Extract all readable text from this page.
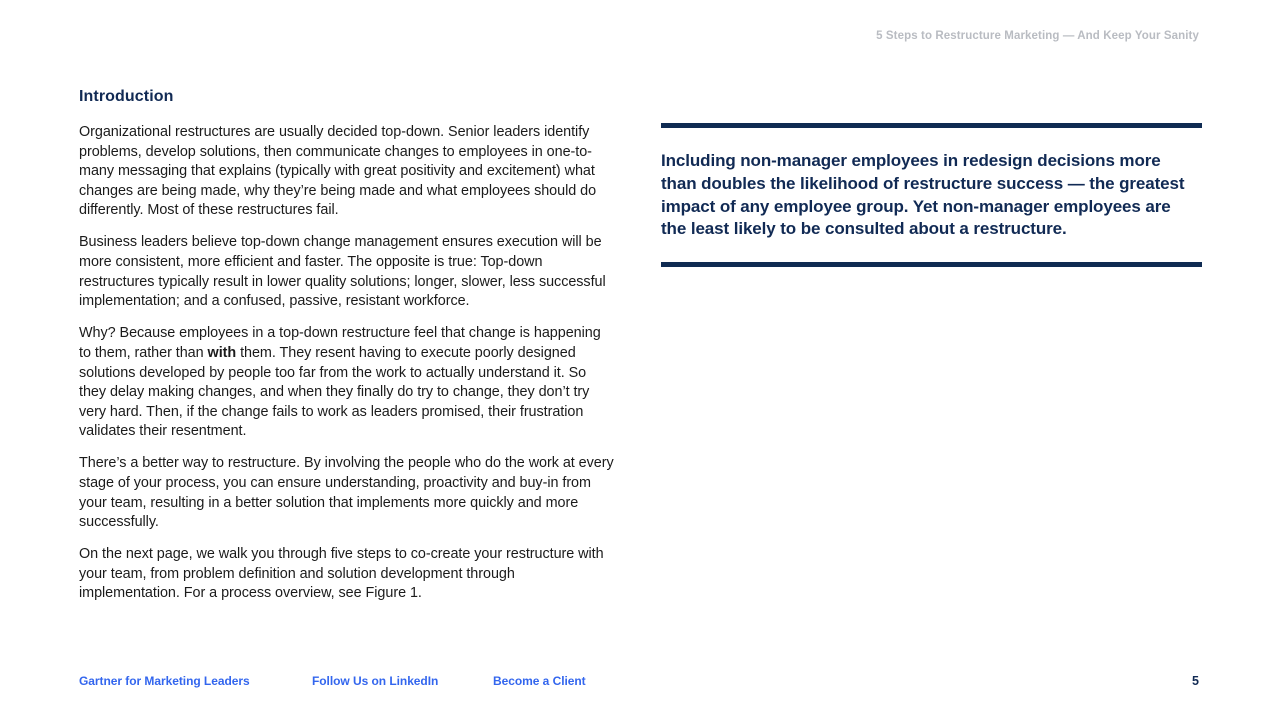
5 Steps to Restructure Marketing — And Keep Your Sanity
Introduction

Organizational restructures are usually decided top-down. Senior leaders identify problems, develop solutions, then communicate changes to employees in one-to-many messaging that explains (typically with great positivity and excitement) what changes are being made, why they’re being made and what employees should do differently. Most of these restructures fail.

Business leaders believe top-down change management ensures execution will be more consistent, more efficient and faster. The opposite is true: Top-down restructures typically result in lower quality solutions; longer, slower, less successful implementation; and a confused, passive, resistant workforce.

Why? Because employees in a top-down restructure feel that change is happening to them, rather than with them. They resent having to execute poorly designed solutions developed by people too far from the work to actually understand it. So they delay making changes, and when they finally do try to change, they don’t try very hard. Then, if the change fails to work as leaders promised, their frustration validates their resentment.

There’s a better way to restructure. By involving the people who do the work at every stage of your process, you can ensure understanding, proactivity and buy-in from your team, resulting in a better solution that implements more quickly and more successfully.

On the next page, we walk you through five steps to co-create your restructure with your team, from problem definition and solution development through implementation. For a process overview, see Figure 1.

Including non-manager employees in redesign decisions more than doubles the likelihood of restructure success — the greatest impact of any employee group. Yet non-manager employees are the least likely to be consulted about a restructure.
Gartner for Marketing Leaders	Follow Us on LinkedIn	Become a Client	5
